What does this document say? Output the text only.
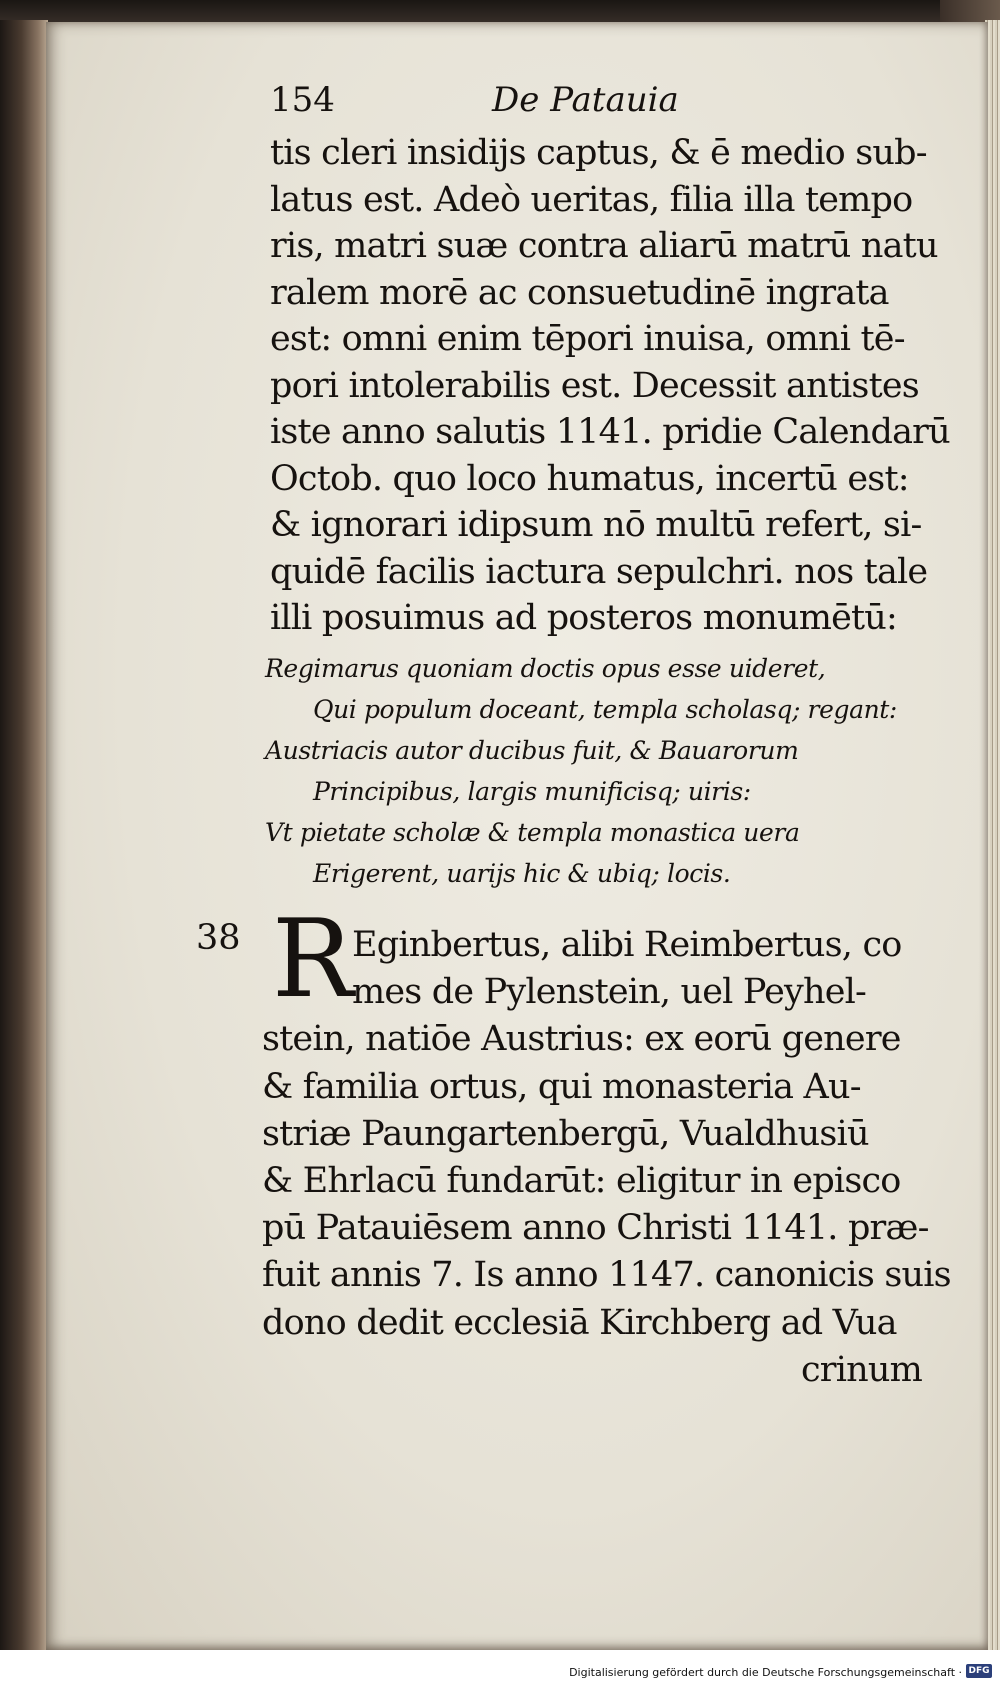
154	De Patauia
tis cleri insidijs captus, & ē medio sub-
latus est. Adeò ueritas, filia illa tempo
ris, matri suæ contra aliarū matrū natu
ralem morē ac consuetudinē ingrata
est: omni enim tēpori inuisa, omni tē-
pori intolerabilis est. Decessit antistes
iste anno salutis 1141. pridie Calendarū
Octob. quo loco humatus, incertū est:
& ignorari idipsum nō multū refert, si-
quidē facilis iactura sepulchri. nos tale
illi posuimus ad posteros monumētū:
Regimarus quoniam doctis opus esse uideret,
Qui populum doceant, templa scholasq; regant:
Austriacis autor ducibus fuit, & Bauarorum
Principibus, largis munificisq; uiris:
Vt pietate scholæ & templa monastica uera
Erigerent, uarijs hic & ubiq; locis.
38 R
Eginbertus, alibi Reimbertus, co
mes de Pylenstein, uel Peyhel-
stein, natiōe Austrius: ex eorū genere
& familia ortus, qui monasteria Au-
striæ Paungartenbergū, Vualdhusiū
& Ehrlacū fundarūt: eligitur in episco
pū Patauiēsem anno Christi 1141. præ-
fuit annis 7. Is anno 1147. canonicis suis
dono dedit ecclesiā Kirchberg ad Vua
crinum
Digitalisierung gefördert durch die Deutsche Forschungsgemeinschaft · DFG
